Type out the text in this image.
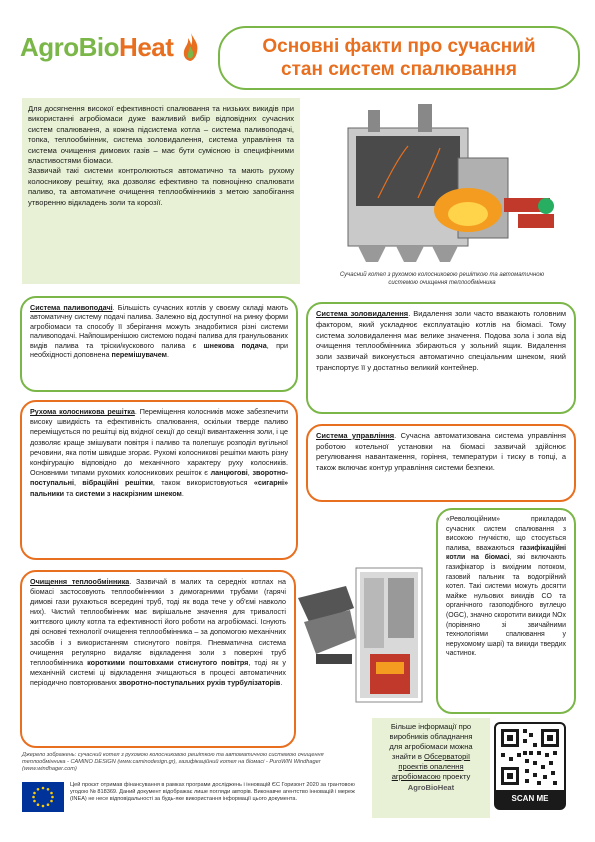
AgroBioHeat	Основні факти про сучасний
стан систем спалювання

Для досягнення високої ефективності спалювання та низьких викидів при використанні агробіомаси дуже важливий вибір відповідних сучасних систем спалювання, а кожна підсистема котла – система паливоподачі, топка, теплообмінник, система золовидалення, система управління та система очищення димових газів – має бути сумісною із специфічними властивостями біомаси.

Зазвичай такі системи контролюються автоматично та мають рухому колосникову решітку, яка дозволяє ефективно та повноцінно спалювати паливо, та автоматичне очищення теплообмінників з метою запобігання утворенню відкладень золи та корозії.

Сучасний котел з рухомою колосниковою решіткою та автоматичною системою очищення теплообмінника

Система паливоподачі. Більшість сучасних котлів у своєму складі мають автоматичну систему подачі палива. Залежно від доступної на ринку форми агробіомаси та способу її зберігання можуть знадобитися різні системи паливоподачі. Найпоширенішою системою подачі палива для гранульованих видів палива та тріски/кускового палива є шнекова подача, при необхідності доповнена перемішувачем.

Система золовидалення. Видалення золи часто вважають головним фактором, який ускладнює експлуатацію котлів на біомасі. Тому система золовидалення має велике значення. Подова зола і зола від очищення теплообмінника збираються у зольний ящик. Видалення золи зазвичай виконується автоматично спеціальним шнеком, який транспортує її у достатньо великий контейнер.

Рухома колосникова решітка. Переміщення колосників може забезпечити високу швидкість та ефективність спалювання, оскільки тверде паливо переміщується по решітці від вхідної секції до секції вивантаження золи, і це дозволяє краще змішувати повітря і паливо та полегшує розподіл вугільної речовини, яка потім швидше згорає. Рухомі колосникові решітки мають різну конфігурацію відповідно до механічного характеру руху колосників. Основними типами рухомих колосникових решіток є ланцюгові, зворотно-поступальні, вібраційні решітки, також використовуються «сигарні» пальники та системи з наскрізним шнеком.

Система управління. Сучасна автоматизована система управління роботою котельної установки на біомасі зазвичай здійснює регулювання навантаження, горіння, температури і тиску в топці, а також включає контур управління системи безпеки.

«Революційним» прикладом сучасних систем спалювання з високою гнучкістю, що стосується палива, вважаються газифікаційні котли на біомасі, які включають газифікатор із вихідним потоком, газовий пальник та водогрійний котел. Такі системи можуть досягти майже нульових викидів CO та органічного газоподібного вуглецю (OGC), значно скоротити викиди NOx (порівняно зі звичайними технологіями спалювання у нерухомому шарі) та викиди твердих частинок.

Очищення теплообмінника. Зазвичай в малих та середніх котлах на біомасі застосовують теплообмінники з димогарними трубами (гарячі димові гази рухаються всередині труб, тоді як вода тече у об'ємі навколо них). Чистий теплообмінник має вирішальне значення для тривалості життєвого циклу котла та ефективності його роботи на агробіомасі. Існують дві основні технології очищення теплообмінника – за допомогою механічних засобів і з використанням стиснутого повітря. Пневматична система очищення регулярно видаляє відкладення золи з поверхні труб теплообмінника короткими поштовхами стиснутого повітря, тоді як у механічній системі ці відкладення зчищаються в процесі автоматичних періодично повторюваних зворотно-поступальних рухів турбулізаторів.

Джерело зображень: сучасний котел з рухомою колосниковою решіткою та автоматичною системою очищення теплообмінника - CAMINO DESIGN (www.caminodesign.gr), газифікаційний котел на біомасі - PuroWIN Windhager (www.windhager.com)
Цей проєкт отримав фінансування в рамках програми досліджень і інновацій ЄС Горизонт 2020 за грантовою угодою № 818369. Даний документ відображає лише погляди авторів. Виконавче агентство інновацій і мереж (INEA) не несе відповідальності за будь-яке використання інформації цього документа.
Більше інформації про
виробників обладнання
для агробіомаси можна
знайти в Обсерваторії
проектів опалення
агробіомасою проекту
AgroBioHeat
SCAN ME
